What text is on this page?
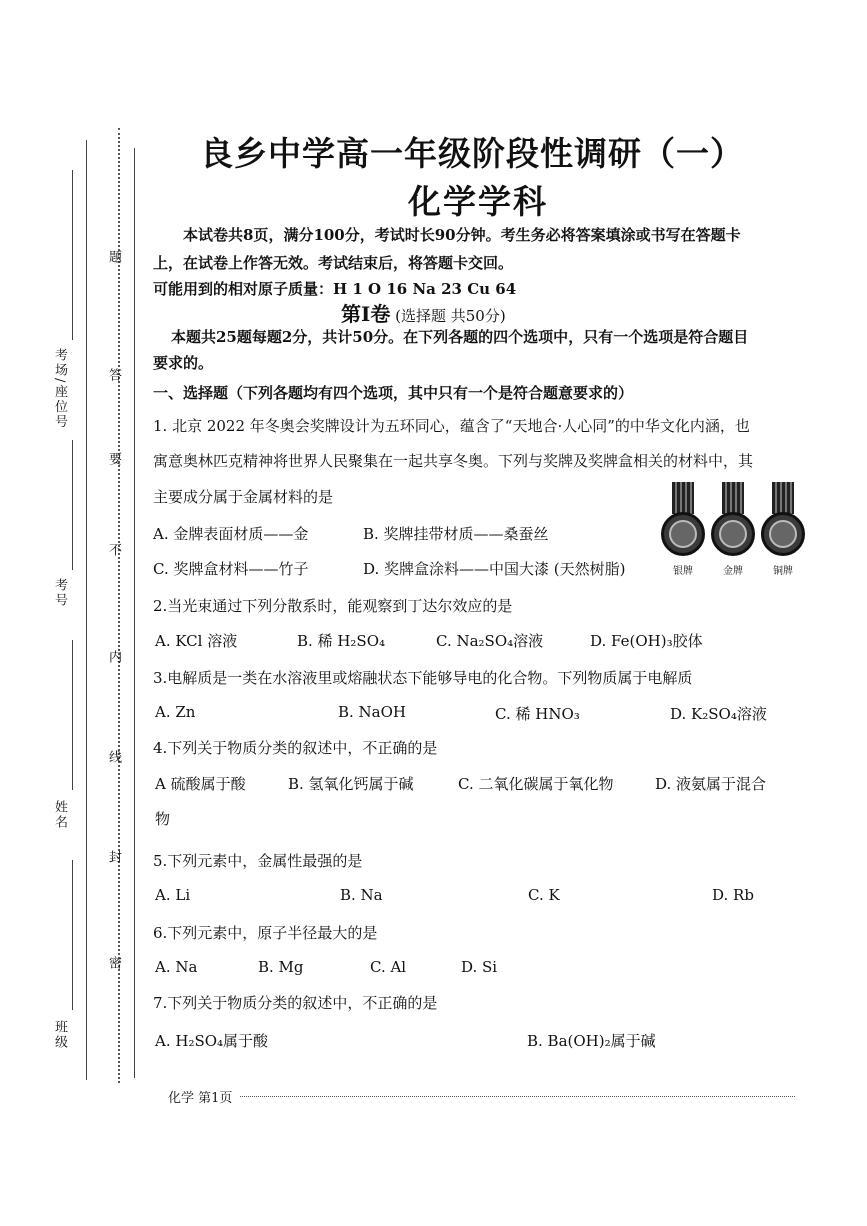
考场/座位号
考号
姓名
班级
题
答
要
不
内
线
封
密
良乡中学高一年级阶段性调研（一）
化学学科
本试卷共8页，满分100分，考试时长90分钟。考生务必将答案填涂或书写在答题卡
上，在试卷上作答无效。考试结束后，将答题卡交回。
可能用到的相对原子质量：H 1 O 16 Na 23 Cu 64
第Ⅰ卷 (选择题 共50分)
本题共25题每题2分，共计50分。在下列各题的四个选项中，只有一个选项是符合题目
要求的。
一、选择题（下列各题均有四个选项，其中只有一个是符合题意要求的）
1. 北京 2022 年冬奥会奖牌设计为五环同心，蕴含了“天地合·人心同”的中华文化内涵，也
寓意奥林匹克精神将世界人民聚集在一起共享冬奥。下列与奖牌及奖牌盒相关的材料中，其
主要成分属于金属材料的是
A. 金牌表面材质——金	B. 奖牌挂带材质——桑蚕丝
C. 奖牌盒材料——竹子	D. 奖牌盒涂料——中国大漆 (天然树脂)	银牌	金牌	铜牌
2.当光束通过下列分散系时，能观察到丁达尔效应的是
A. KCl 溶液	B. 稀 H₂SO₄	C. Na₂SO₄溶液	D. Fe(OH)₃胶体
3.电解质是一类在水溶液里或熔融状态下能够导电的化合物。下列物质属于电解质
A. Zn	B. NaOH	C. 稀 HNO₃	D. K₂SO₄溶液
4.下列关于物质分类的叙述中，不正确的是
A 硫酸属于酸	B. 氢氧化钙属于碱	C. 二氧化碳属于氧化物	D. 液氨属于混合
物
5.下列元素中，金属性最强的是
A. Li	B. Na	C. K	D. Rb
6.下列元素中，原子半径最大的是
A. Na	B. Mg	C. Al	D. Si
7.下列关于物质分类的叙述中，不正确的是
A. H₂SO₄属于酸	B. Ba(OH)₂属于碱
化学 第1页
